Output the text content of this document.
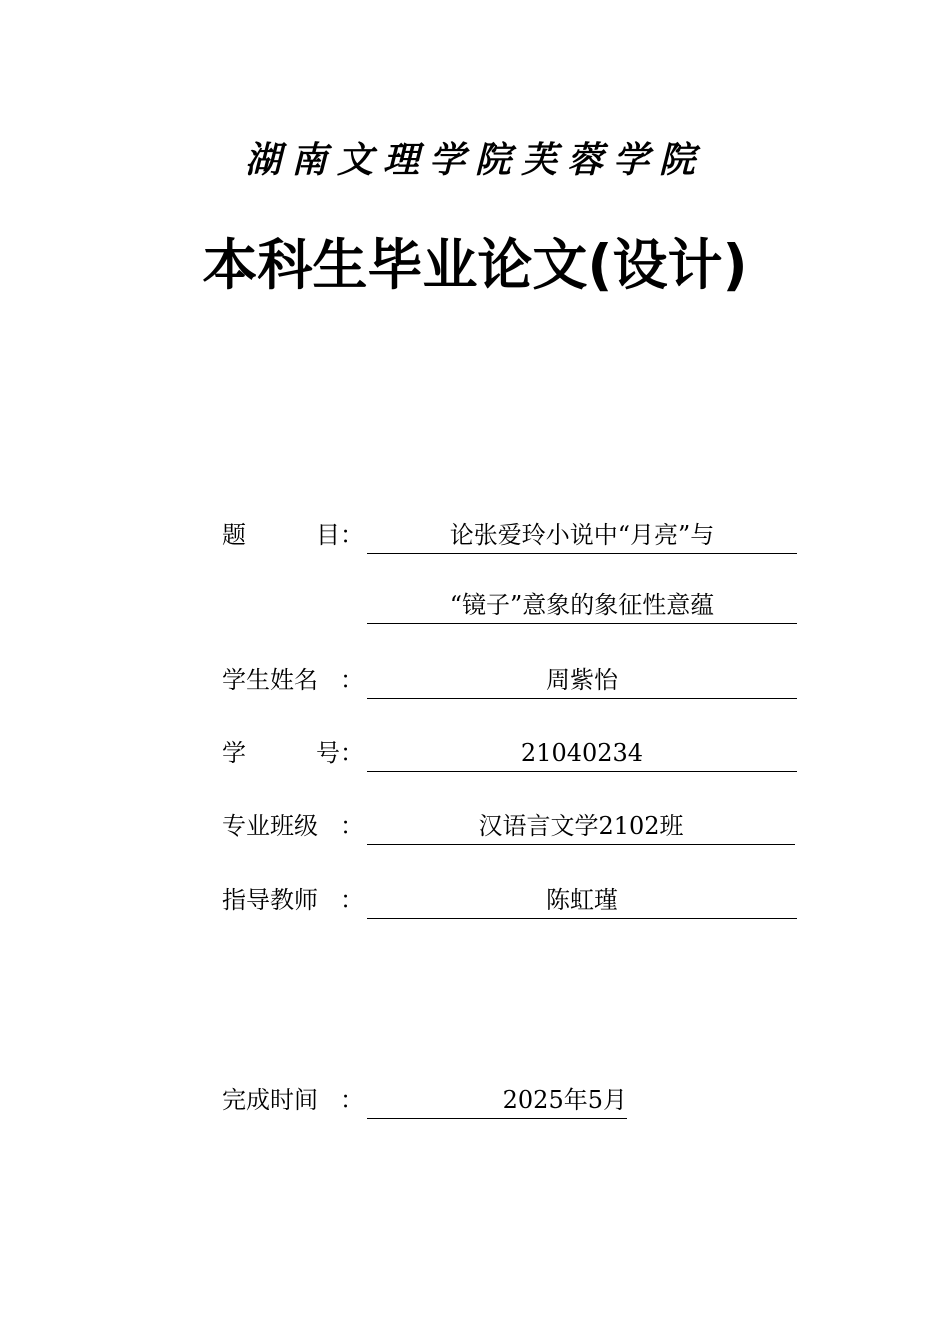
湖南文理学院芙蓉学院
本科生毕业论文(设计)
题	目 ：	论张爱玲小说中“月亮”与
“镜子”意象的象征性意蕴
学生姓名 ：	周紫怡
学	号 ：	21040234
专业班级 ：	汉语言文学2102班
指导教师 ：	陈虹瑾
完成时间 ：	2025年5月
